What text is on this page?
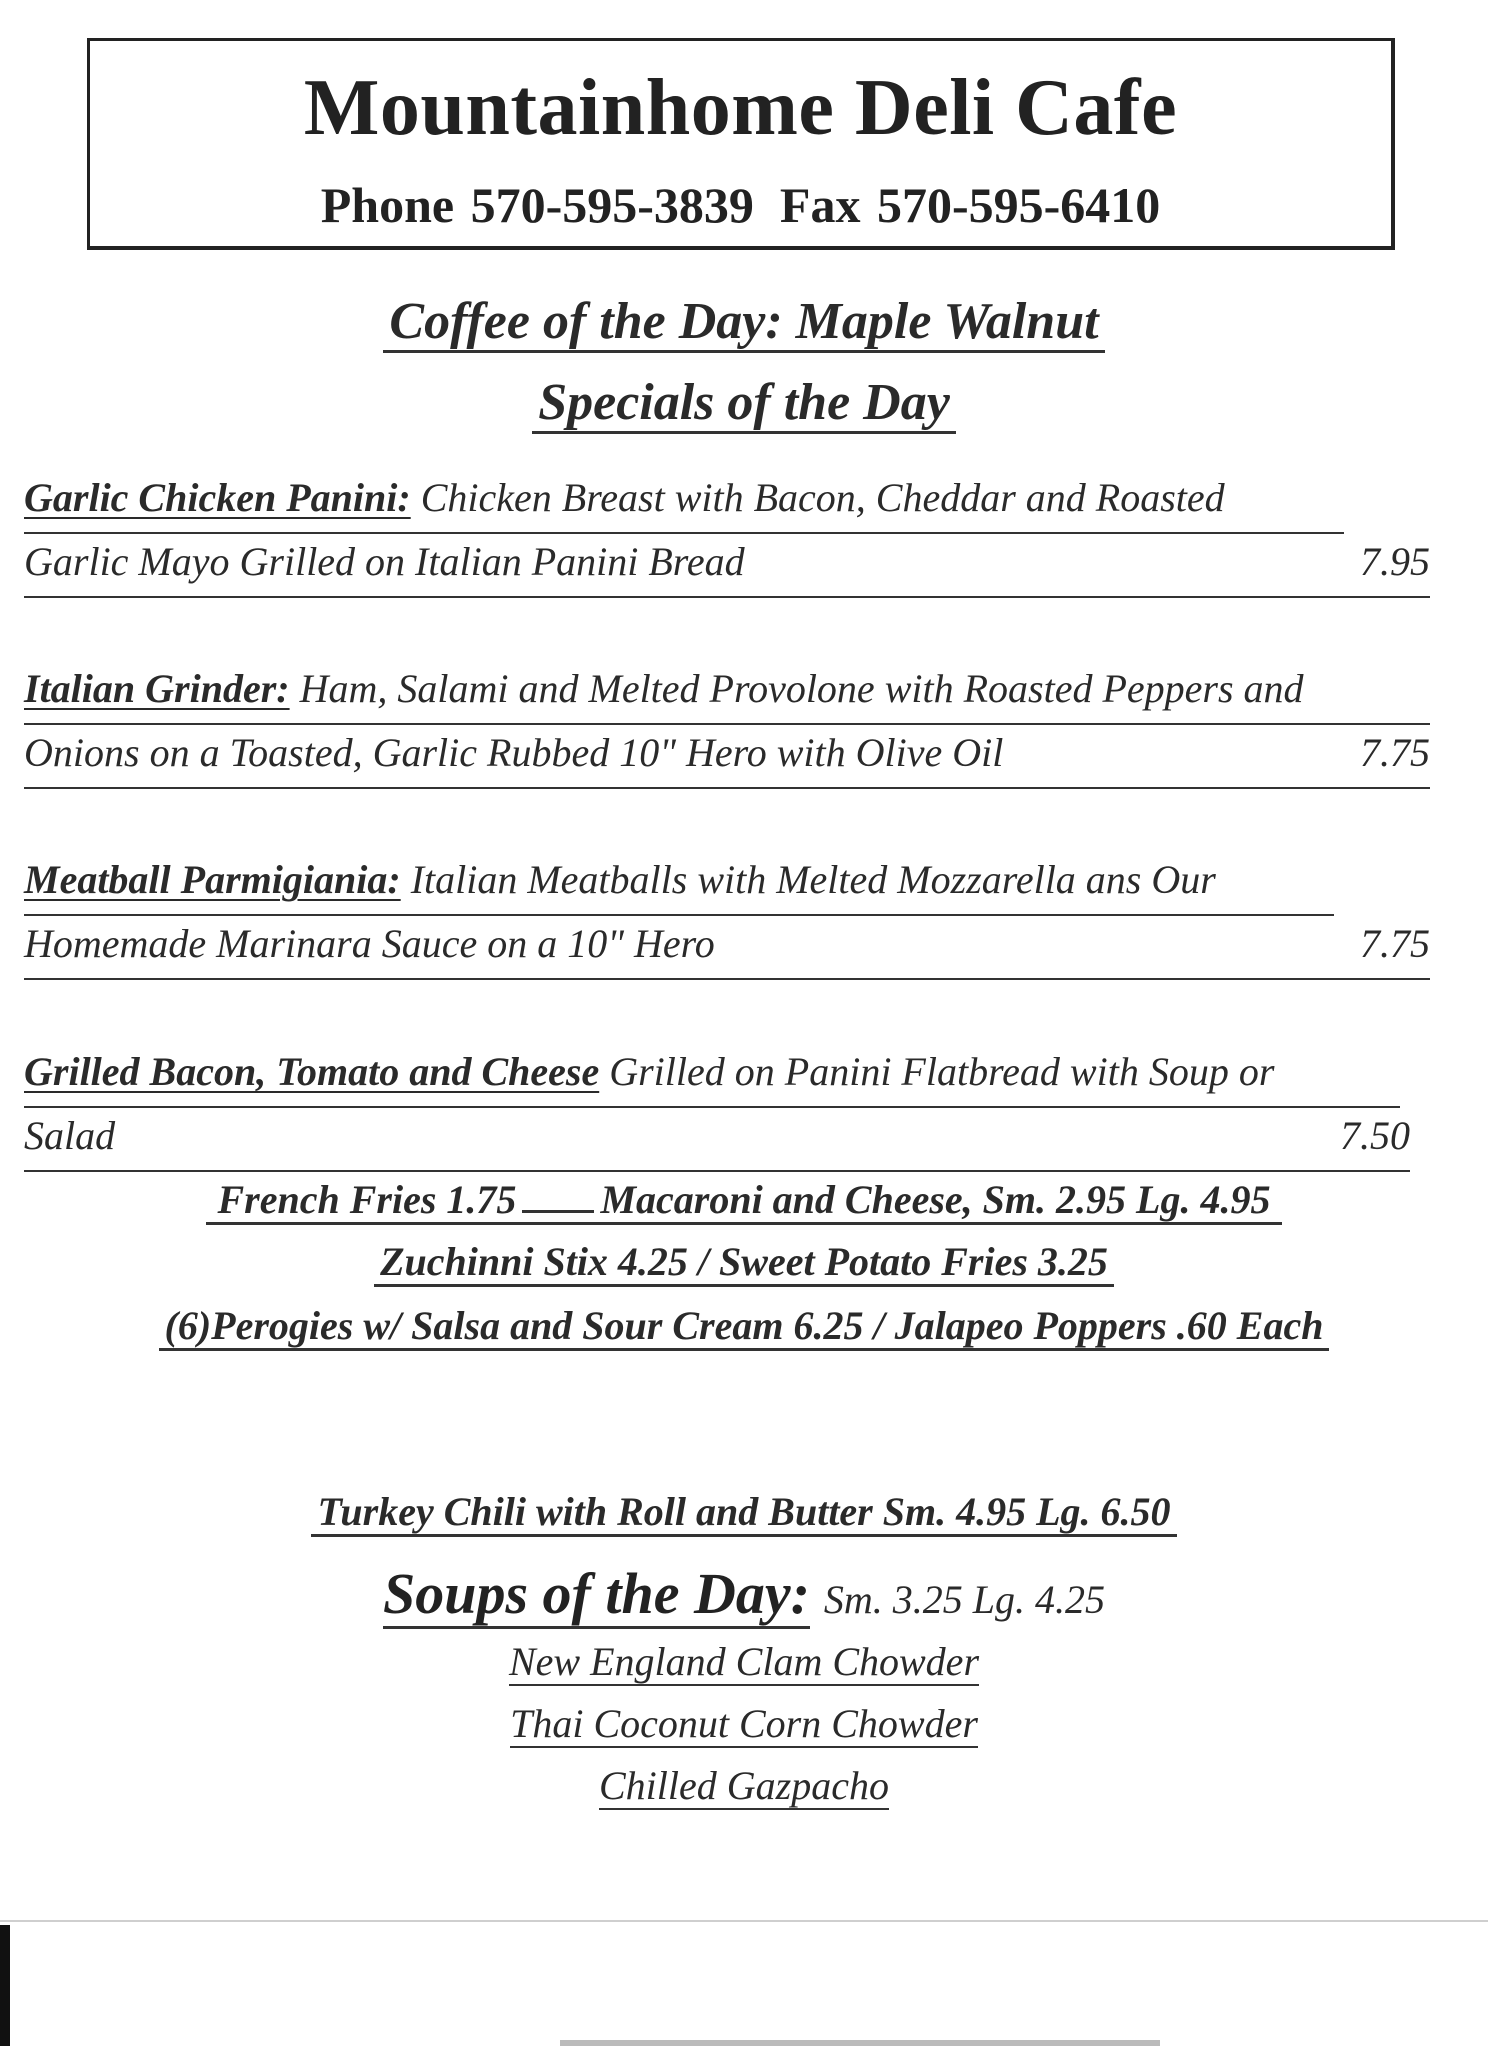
Mountainhome Deli Cafe
Phone 570-595-3839 Fax 570-595-6410
Coffee of the Day: Maple Walnut
Specials of the Day
Garlic Chicken Panini: Chicken Breast with Bacon, Cheddar and Roasted
Garlic Mayo Grilled on Italian Panini Bread	7.95
Italian Grinder: Ham, Salami and Melted Provolone with Roasted Peppers and
Onions on a Toasted, Garlic Rubbed 10" Hero with Olive Oil	7.75
Meatball Parmigiania: Italian Meatballs with Melted Mozzarella ans Our
Homemade Marinara Sauce on a 10" Hero	7.75
Grilled Bacon, Tomato and Cheese Grilled on Panini Flatbread with Soup or
Salad	7.50
French Fries 1.75 Macaroni and Cheese, Sm. 2.95 Lg. 4.95
Zuchinni Stix 4.25 / Sweet Potato Fries 3.25
(6)Perogies w/ Salsa and Sour Cream 6.25 / Jalapeo Poppers .60 Each
Turkey Chili with Roll and Butter Sm. 4.95 Lg. 6.50
Soups of the Day: Sm. 3.25 Lg. 4.25
New England Clam Chowder
Thai Coconut Corn Chowder
Chilled Gazpacho
